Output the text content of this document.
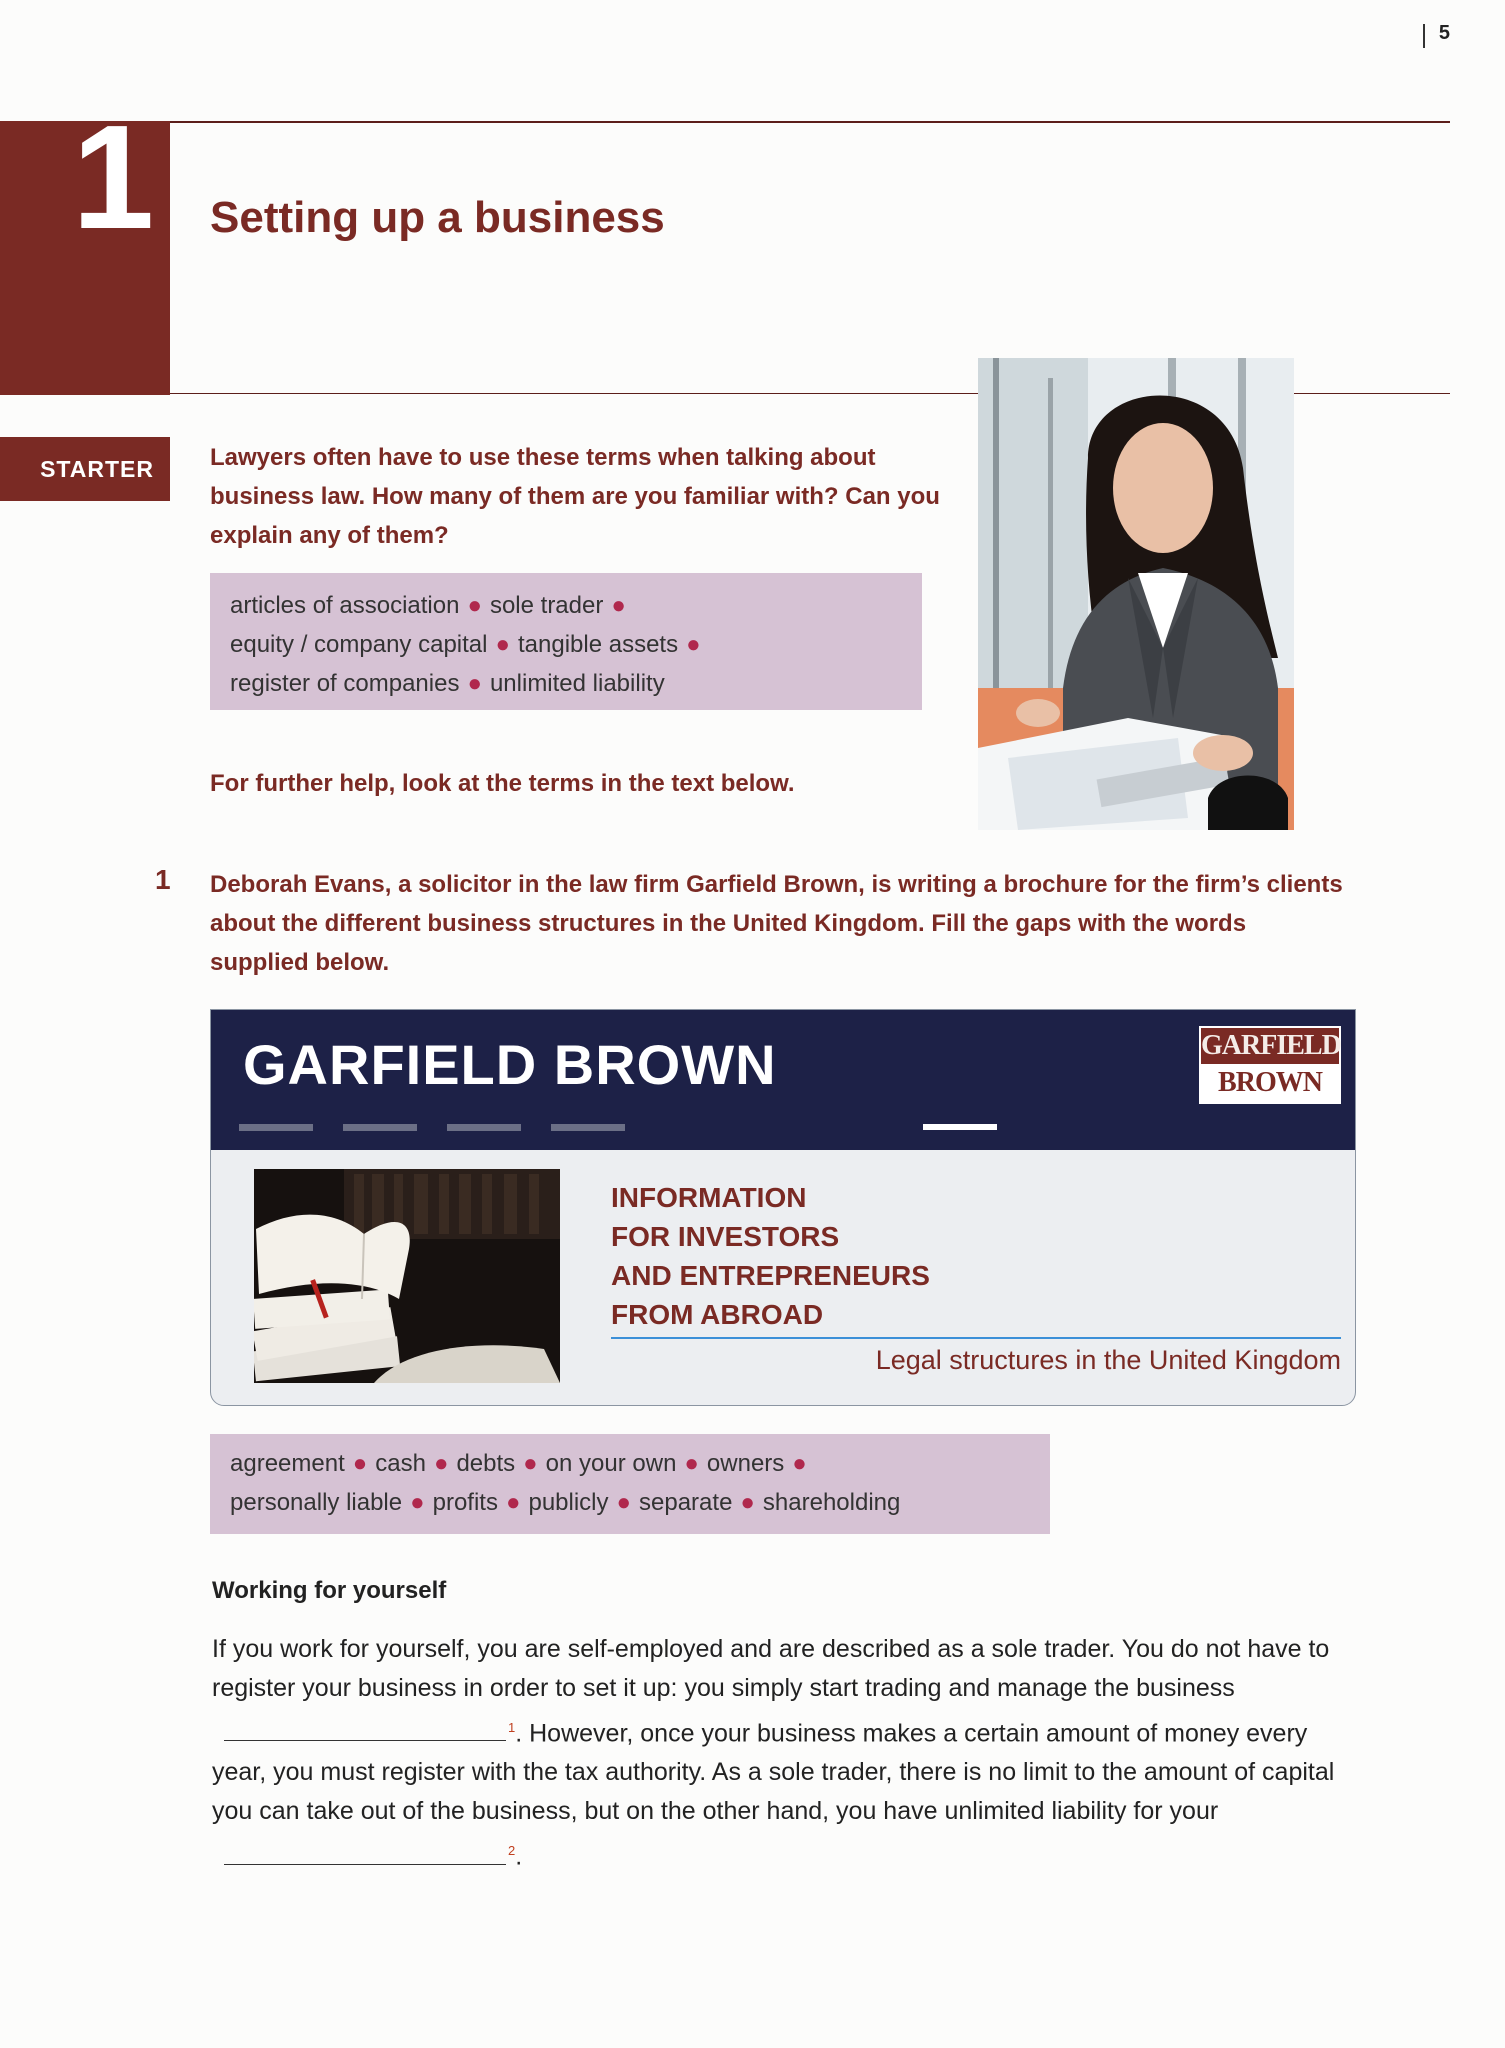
5
1 Setting up a business
STARTER	Lawyers often have to use these terms when talking about business law. How many of them are you familiar with? Can you explain any of them?
articles of association ● sole trader ●
equity / company capital ● tangible assets ●
register of companies ● unlimited liability
For further help, look at the terms in the text below.
1 Deborah Evans, a solicitor in the law firm Garfield Brown, is writing a brochure for the firm’s clients about the different business structures in the United Kingdom. Fill the gaps with the words supplied below.
GARFIELD BROWN	GARFIELD
BROWN
INFORMATION
FOR INVESTORS
AND ENTREPRENEURS
FROM ABROAD
Legal structures in the United Kingdom
agreement ● cash ● debts ● on your own ● owners ●
personally liable ● profits ● publicly ● separate ● shareholding
Working for yourself
If you work for yourself, you are self-employed and are described as a sole trader. You do not have to register your business in order to set it up: you simply start trading and manage the business$^1$. However, once your business makes a certain amount of money every year, you must register with the tax authority. As a sole trader, there is no limit to the amount of capital you can take out of the business, but on the other hand, you have unlimited liability for your$^2$.
